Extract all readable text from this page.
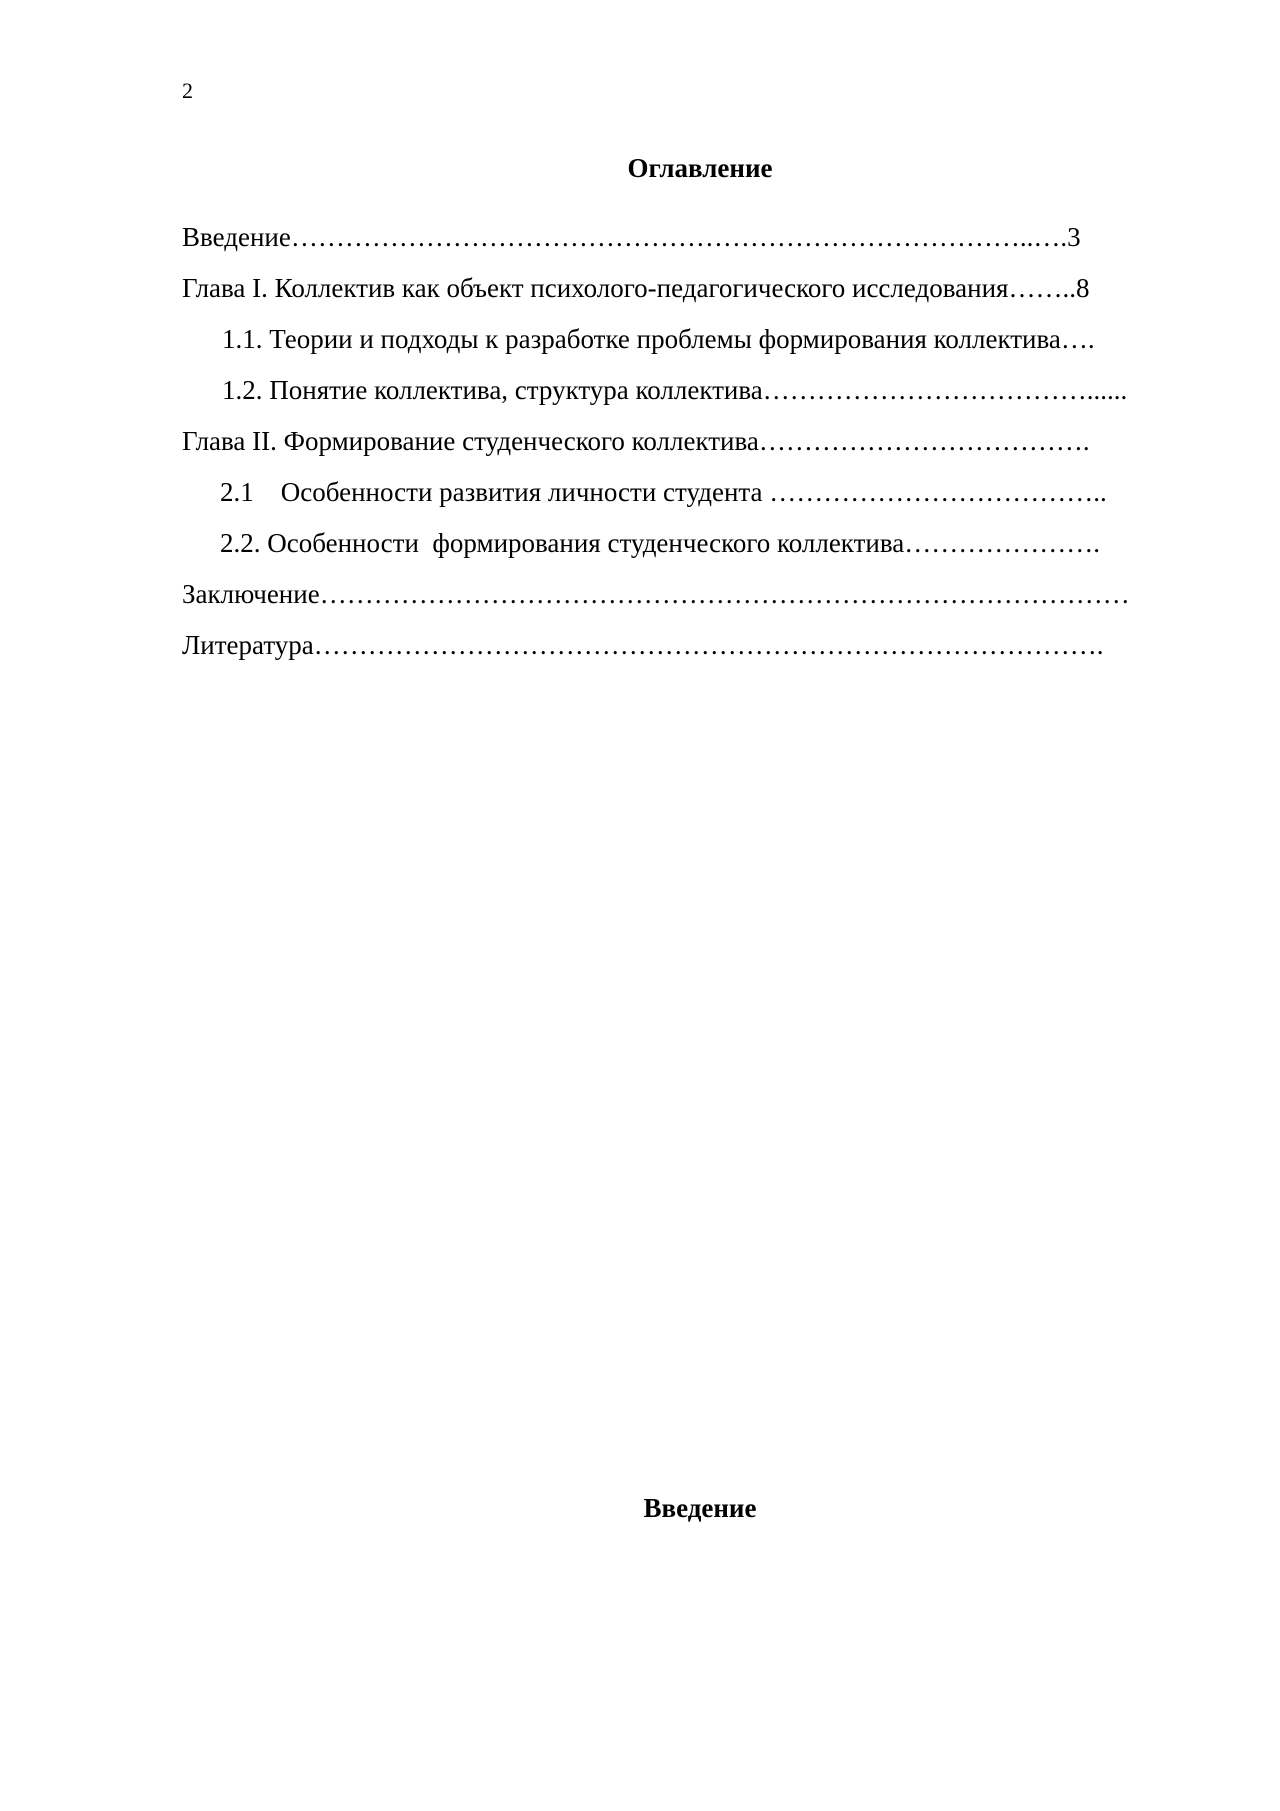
2
Оглавление
Введение………………………………………………………………………..….3
Глава I. Коллектив как объект психолого-педагогического исследования……..8
1.1. Теории и подходы к разработке проблемы формирования коллектива….
1.2. Понятие коллектива, структура коллектива………………………………......
Глава II. Формирование студенческого коллектива……………………………….
2.1    Особенности развития личности студента ………………………………..
2.2. Особенности  формирования студенческого коллектива………………….
Заключение………………………………………………………………………………
Литература…………………………………………………………………………….
Введение
